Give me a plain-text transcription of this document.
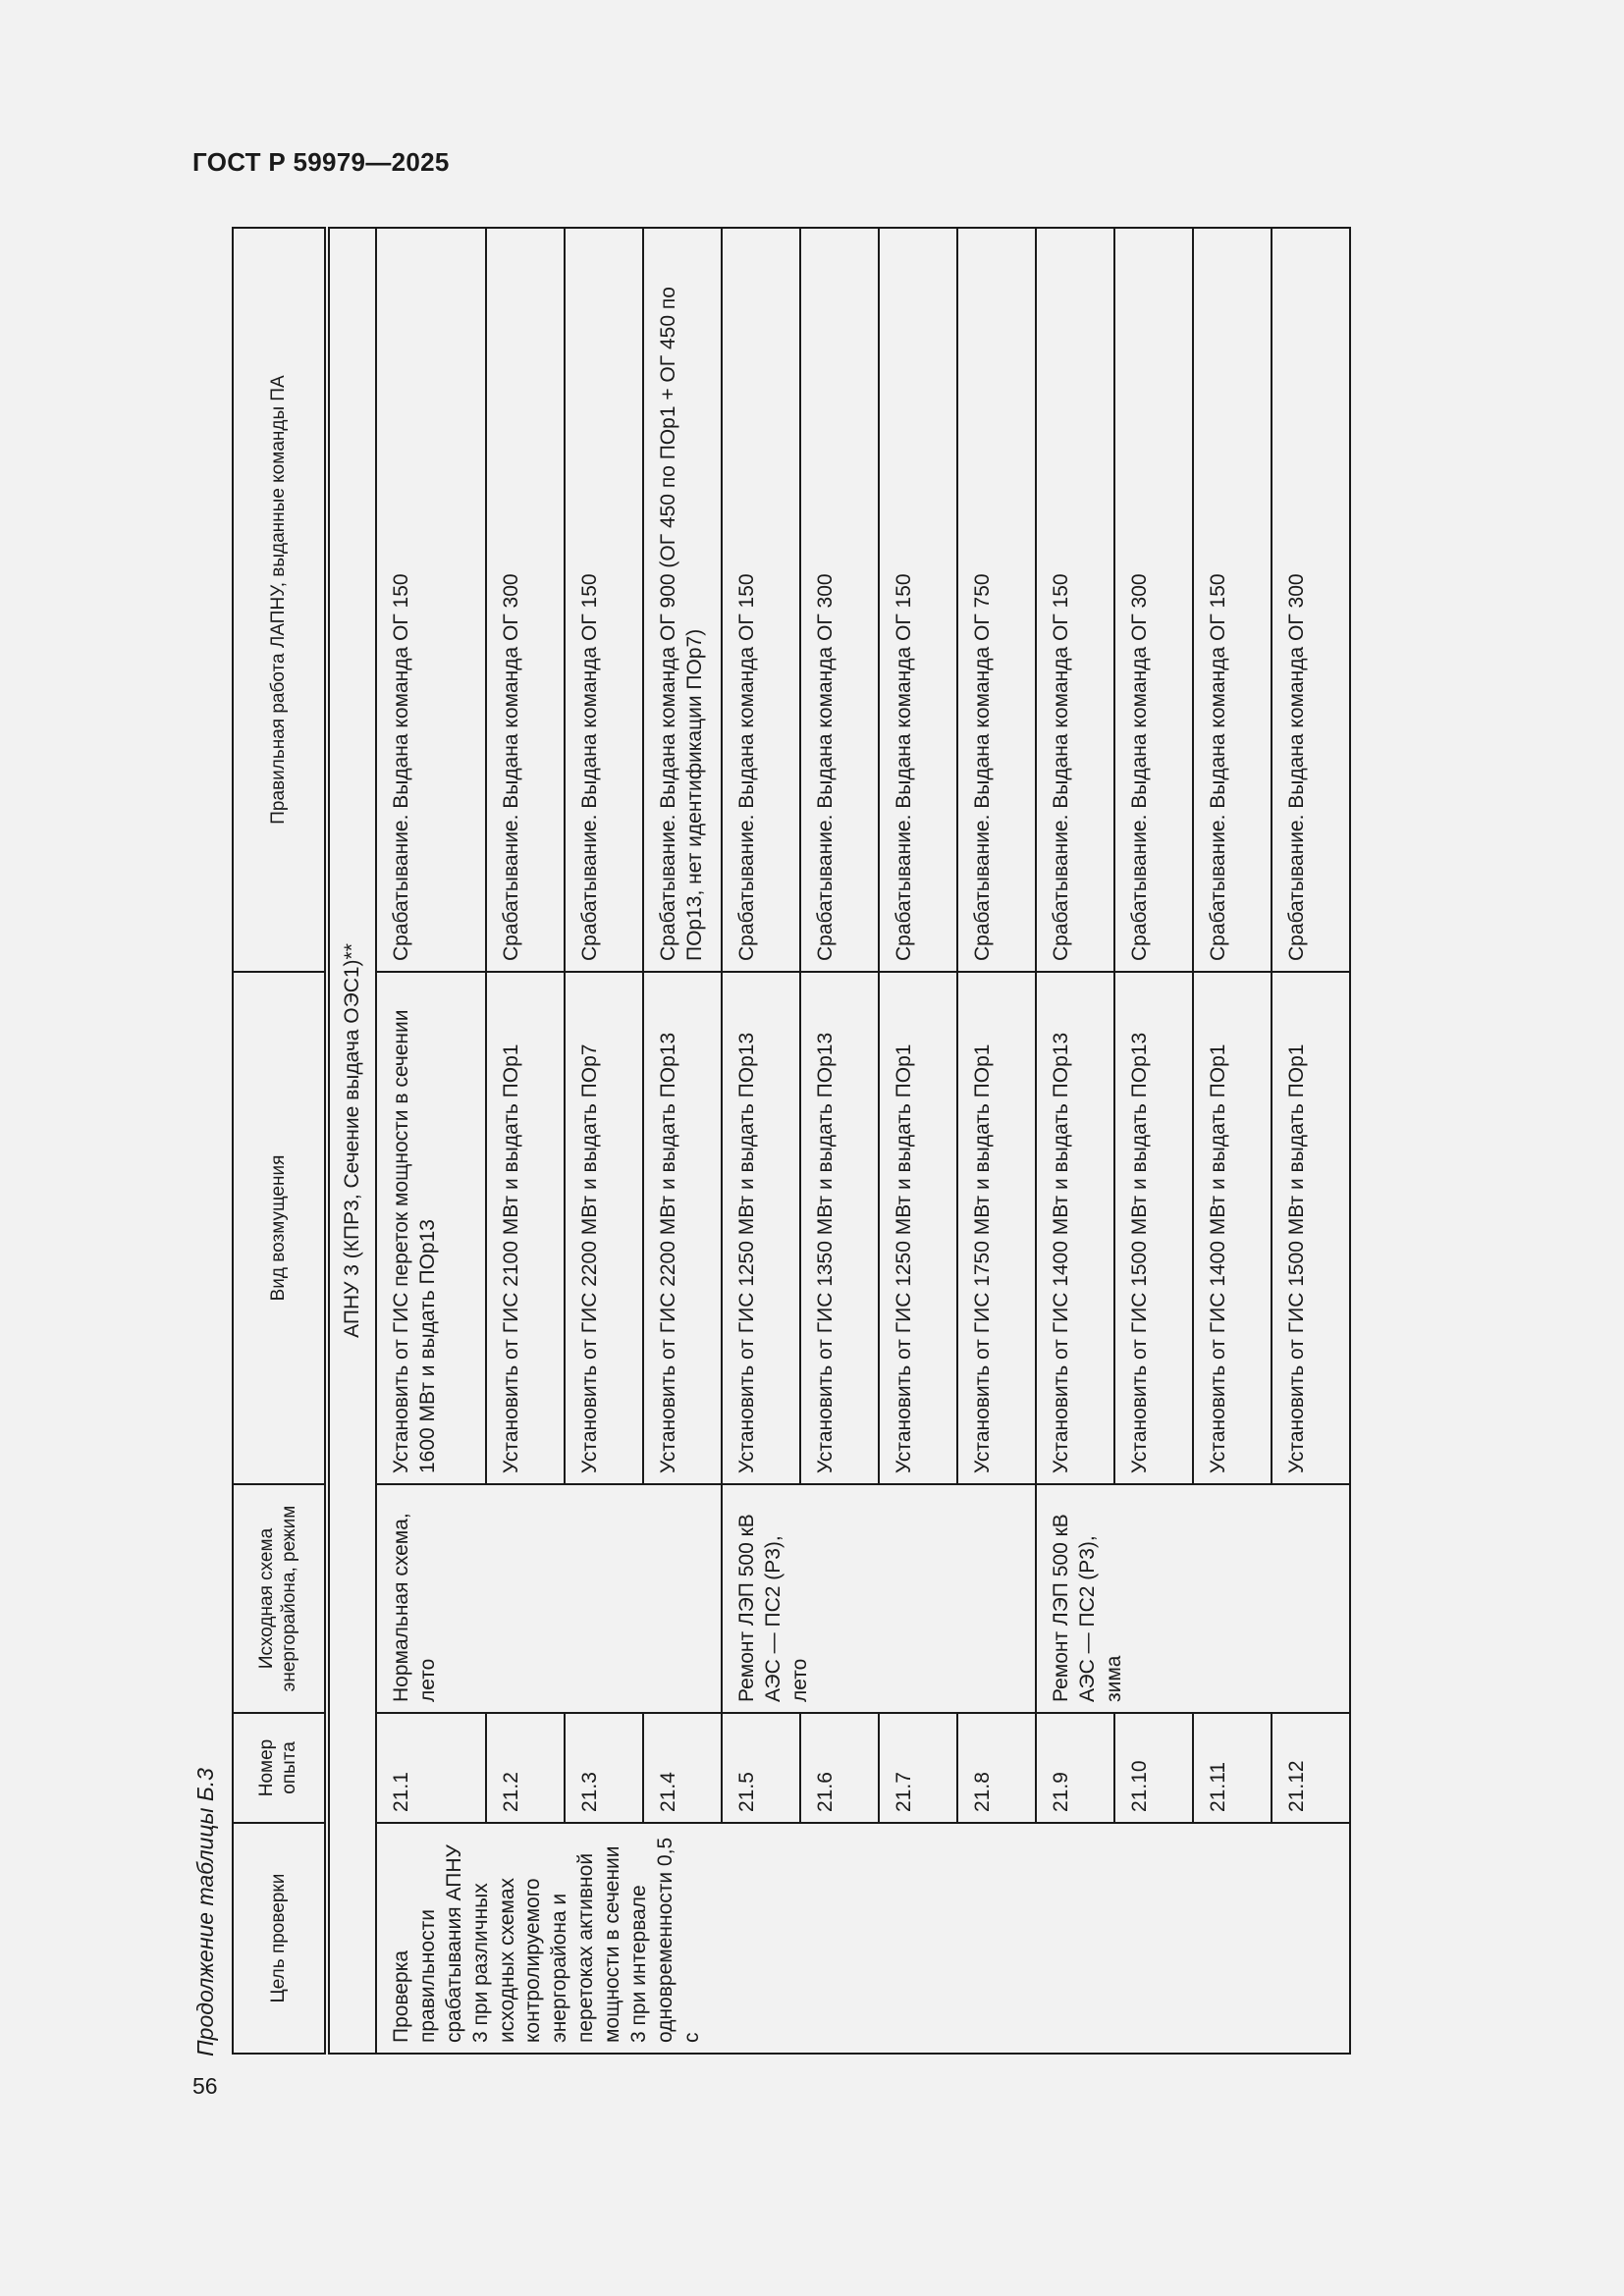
ГОСТ Р 59979—2025
Продолжение таблицы Б.3
56
Цель проверки	Номер опыта	Исходная схема энергорайона, режим	Вид возмущения	Правильная работа ЛАПНУ, выданные команды ПА
АПНУ 3 (КПР3, Сечение выдача ОЭС1)**				
Проверка правильности срабатывания АПНУ 3 при различных исходных схемах контролируемого энергорайона и перетоках активной мощности в сечении 3 при интервале одновременности 0,5 с	21.1	Нормальная схема, лето	Установить от ГИС переток мощности в сечении 1600 МВт и выдать ПОр13	Срабатывание. Выдана команда ОГ 150
	21.2		Установить от ГИС 2100 МВт и выдать ПОр1	Срабатывание. Выдана команда ОГ 300
	21.3		Установить от ГИС 2200 МВт и выдать ПОр7	Срабатывание. Выдана команда ОГ 150
	21.4		Установить от ГИС 2200 МВт и выдать ПОр13	Срабатывание. Выдана команда ОГ 900 (ОГ 450 по ПОр1 + ОГ 450 по ПОр13, нет идентификации ПОр7)
	21.5	Ремонт ЛЭП 500 кВ АЭС — ПС2 (Р3), лето	Установить от ГИС 1250 МВт и выдать ПОр13	Срабатывание. Выдана команда ОГ 150
	21.6		Установить от ГИС 1350 МВт и выдать ПОр13	Срабатывание. Выдана команда ОГ 300
	21.7		Установить от ГИС 1250 МВт и выдать ПОр1	Срабатывание. Выдана команда ОГ 150
	21.8		Установить от ГИС 1750 МВт и выдать ПОр1	Срабатывание. Выдана команда ОГ 750
	21.9	Ремонт ЛЭП 500 кВ АЭС — ПС2 (Р3), зима	Установить от ГИС 1400 МВт и выдать ПОр13	Срабатывание. Выдана команда ОГ 150
	21.10		Установить от ГИС 1500 МВт и выдать ПОр13	Срабатывание. Выдана команда ОГ 300
	21.11		Установить от ГИС 1400 МВт и выдать ПОр1	Срабатывание. Выдана команда ОГ 150
	21.12		Установить от ГИС 1500 МВт и выдать ПОр1	Срабатывание. Выдана команда ОГ 300
